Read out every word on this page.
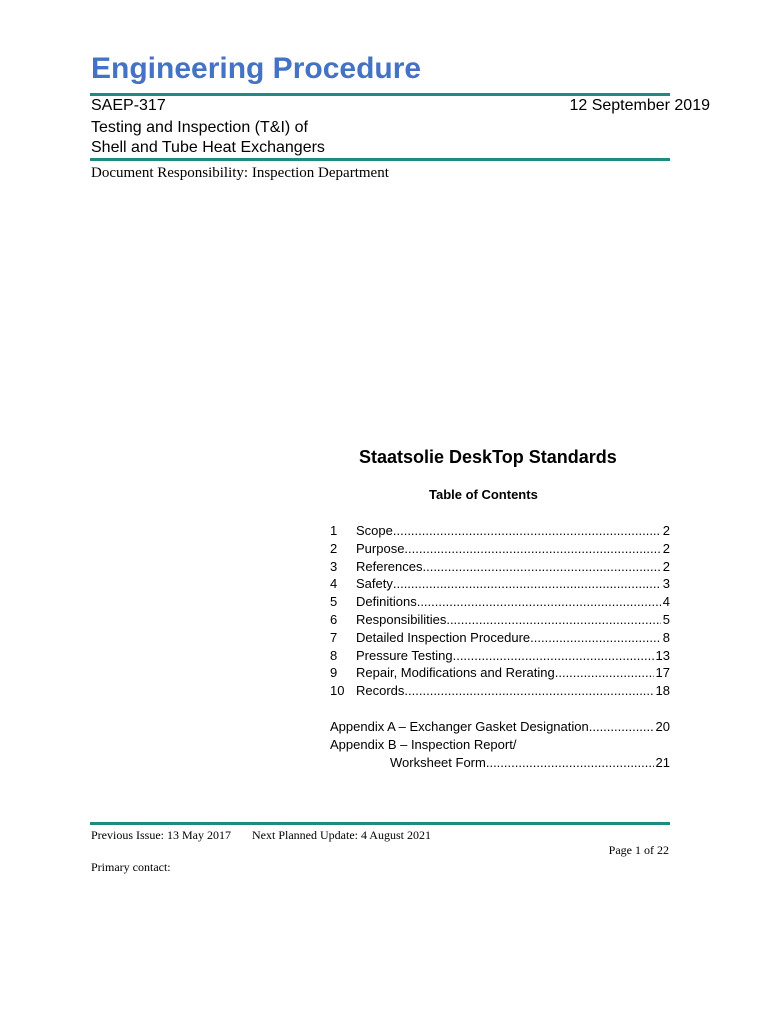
Engineering Procedure
SAEP-317	12 September 2019
Testing and Inspection (T&I) of
Shell and Tube Heat Exchangers
Document Responsibility: Inspection Department
Staatsolie DeskTop Standards
Table of Contents
1	Scope .....	2
2	Purpose .....	2
3	References .....	2
4	Safety .....	3
5	Definitions .....	4
6	Responsibilities .....	5
7	Detailed Inspection Procedure .....	8
8	Pressure Testing .....	13
9	Repair, Modifications and Rerating .....	17
10 Records .....	18
Appendix A – Exchanger Gasket Designation .....	20
Appendix B – Inspection Report/
Worksheet Form .....	21
Previous Issue: 13 May 2017 Next Planned Update: 4 August 2021
Page 1 of 22
Primary contact:
